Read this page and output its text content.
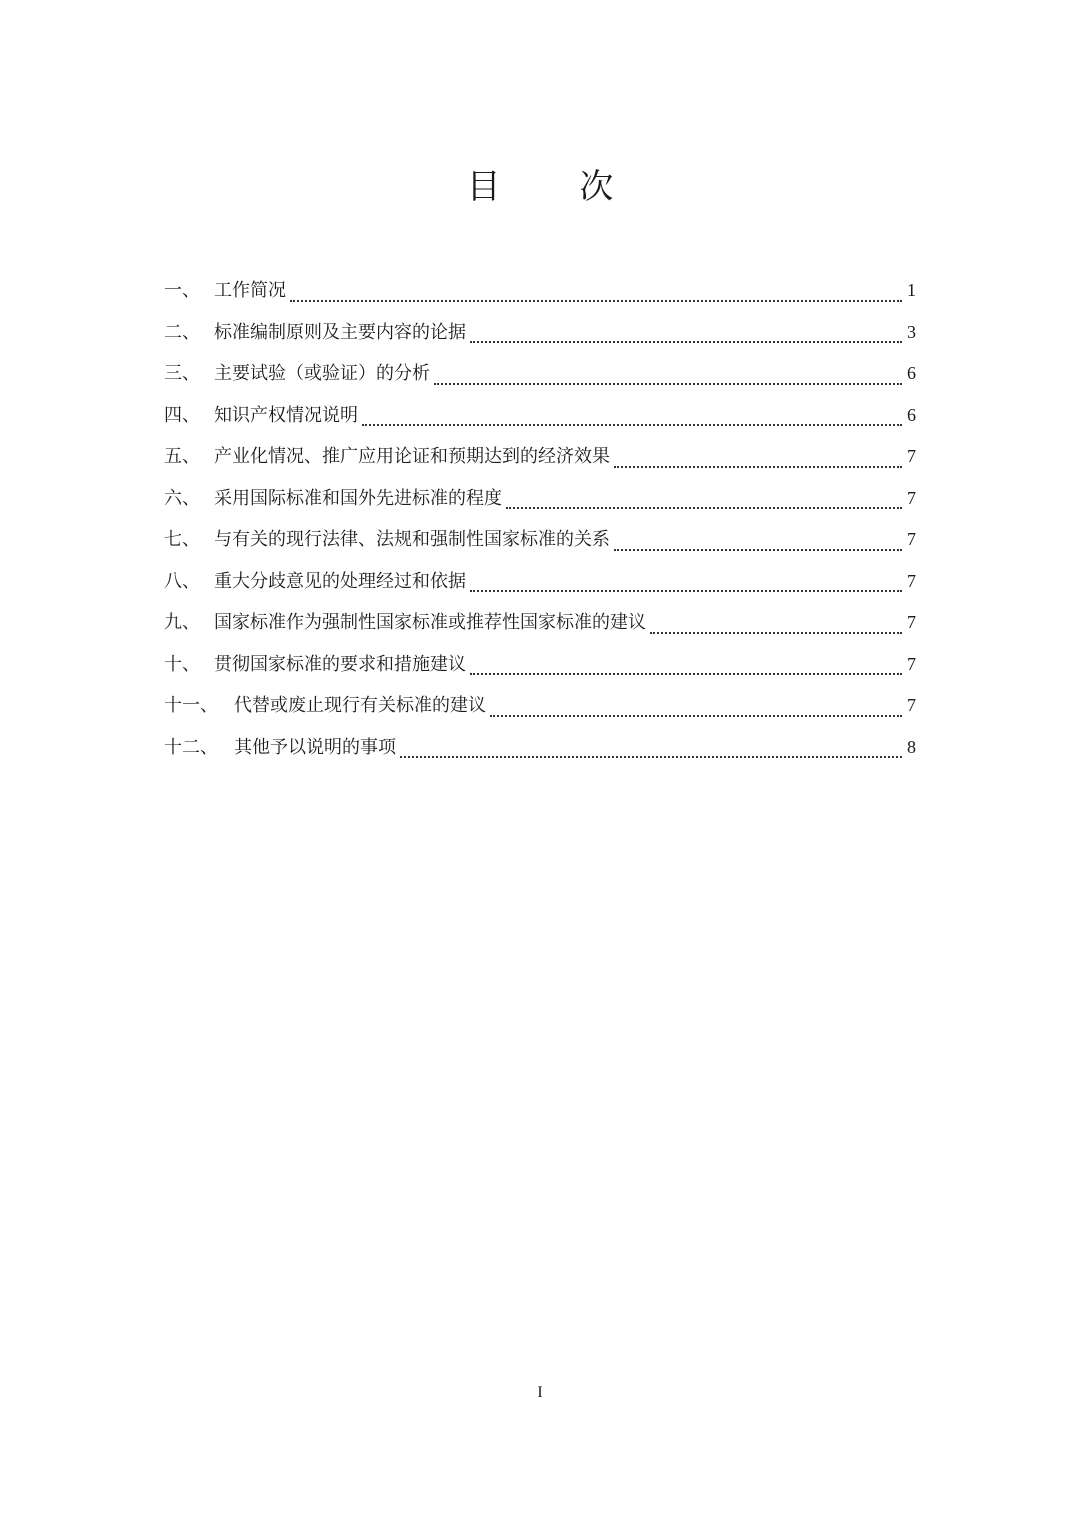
目 次
一、 工作简况	1
二、 标准编制原则及主要内容的论据	3
三、 主要试验（或验证）的分析	6
四、 知识产权情况说明	6
五、 产业化情况、推广应用论证和预期达到的经济效果	7
六、 采用国际标准和国外先进标准的程度	7
七、 与有关的现行法律、法规和强制性国家标准的关系	7
八、 重大分歧意见的处理经过和依据	7
九、 国家标准作为强制性国家标准或推荐性国家标准的建议	7
十、 贯彻国家标准的要求和措施建议	7
十一、 代替或废止现行有关标准的建议	7
十二、 其他予以说明的事项	8
I
